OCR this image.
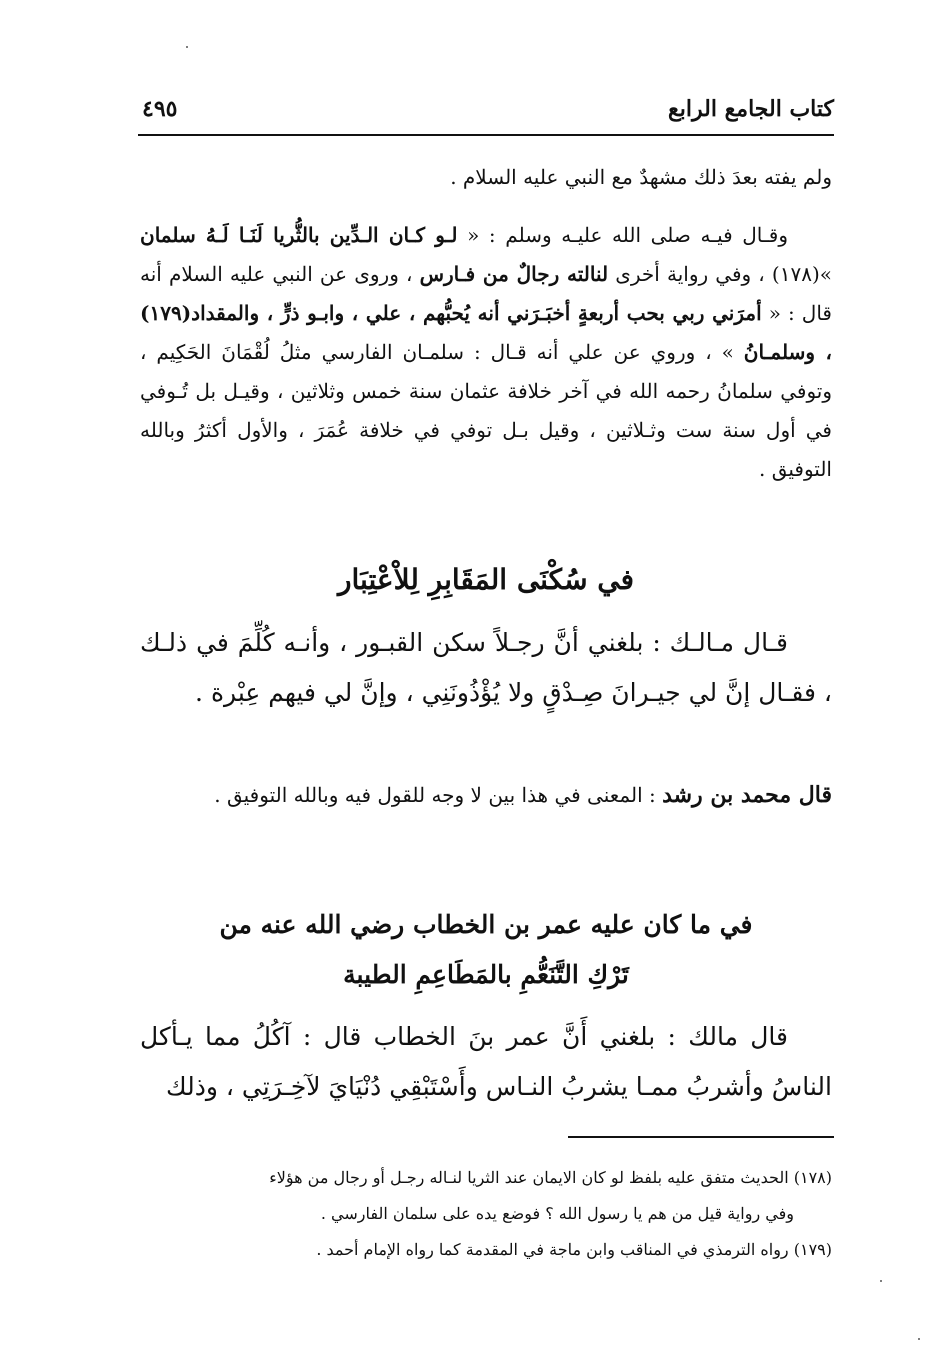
كتاب الجامع الرابع
٤٩٥
ولم يفته بعدَ ذلك مشهدٌ مع النبي عليه السلام .
وقـال فيـه صلى الله عليـه وسلم : « لـو كـان الـدِّين بالثُّريا لَنَـا لَـهُ سلمان »(١٧٨) ، وفي رواية أخرى لنالته رجالٌ من فـارس ، وروى عن النبي عليه السلام أنه قال : « أمرَني ربي بحب أربعةٍ أخبَـرَني أنه يُحبُّهم ، علي ، وابـو ذرٍّ ، والمقداد(١٧٩) ، وسلمـانُ » ، وروي عن علي أنه قـال : سلمـان الفارسي مثلُ لُقْمَانَ الحَكِيم ، وتوفي سلمانُ رحمه الله في آخر خلافة عثمان سنة خمس وثلاثين ، وقيـل بل تُـوفي في أول سنة ست وثـلاثين ، وقيل بـل توفي في خلافة عُمَرَ ، والأول أكثرُ وبالله التوفيق .
في سُكْنَى المَقَابِرِ لِلاْعْتِبَار
قـال مـالـك : بلغني أنَّ رجـلاً سكن القبـور ، وأنـه كُلِّمَ في ذلـك ، فقـال إنَّ لي جيـرانَ صِـدْقٍ ولا يُؤْذُونَنِي ، وإنَّ لي فيهم عِبْرة .
قال محمد بن رشد : المعنى في هذا بين لا وجه للقول فيه وبالله التوفيق .
في ما كان عليه عمر بن الخطاب رضي الله عنه من
تَرْكِ التَّنَعُّمِ بالمَطَاعِمِ الطيبة
قال مالك : بلغني أَنَّ عمر بنَ الخطاب قال : آكُلُ مما يـأكل الناسُ وأشربُ ممـا يشربُ النـاس وأَسْتَبْقِي دُنْيَايَ لآخِـرَتِي ، وذلك

(١٧٨) الحديث متفق عليه بلفظ لو كان الايمان عند الثريا لنـاله رجـل أو رجال من هؤلاء

وفي رواية قيل من هم يا رسول الله ؟ فوضع يده على سلمان الفارسي .

(١٧٩) رواه الترمذي في المناقب وابن ماجة في المقدمة كما رواه الإمام أحمد .
